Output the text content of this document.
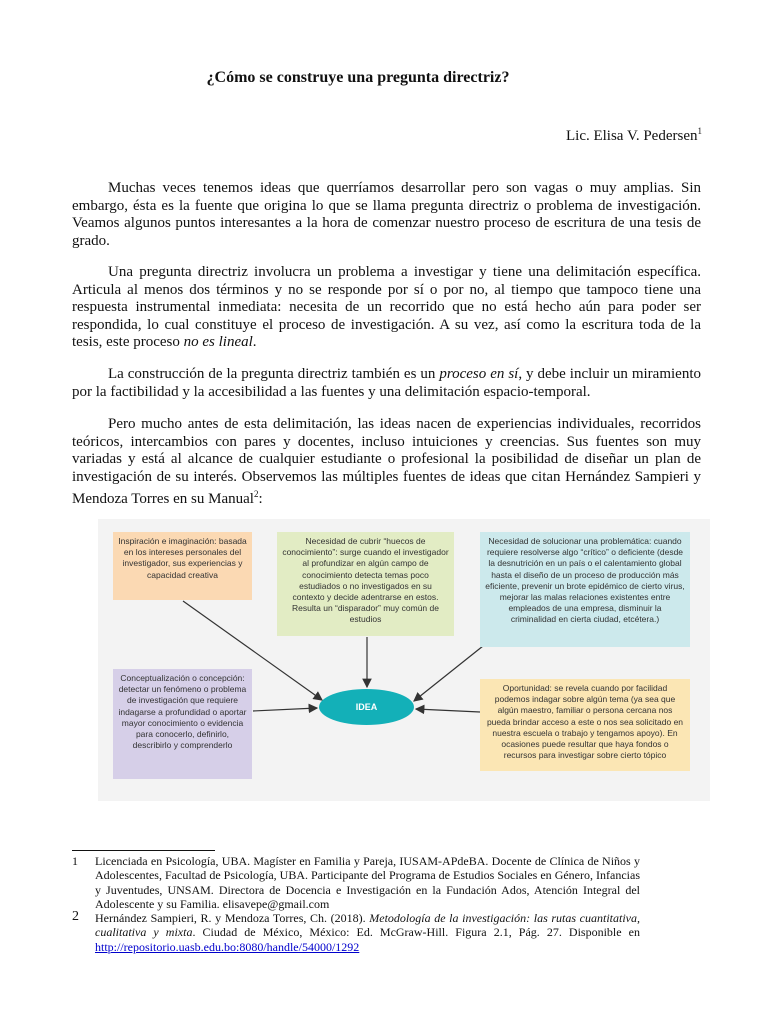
¿Cómo se construye una pregunta directriz?
Lic. Elisa V. Pedersen$^1$
Muchas veces tenemos ideas que querríamos desarrollar pero son vagas o muy amplias. Sin embargo, ésta es la fuente que origina lo que se llama pregunta directriz o problema de investigación. Veamos algunos puntos interesantes a la hora de comenzar nuestro proceso de escritura de una tesis de grado.
Una pregunta directriz involucra un problema a investigar y tiene una delimitación específica. Articula al menos dos términos y no se responde por sí o por no, al tiempo que tampoco tiene una respuesta instrumental inmediata: necesita de un recorrido que no está hecho aún para poder ser respondida, lo cual constituye el proceso de investigación. A su vez, así como la escritura toda de la tesis, este proceso no es lineal.
La construcción de la pregunta directriz también es un proceso en sí, y debe incluir un miramiento por la factibilidad y la accesibilidad a las fuentes y una delimitación espacio-temporal.
Pero mucho antes de esta delimitación, las ideas nacen de experiencias individuales, recorridos teóricos, intercambios con pares y docentes, incluso intuiciones y creencias. Sus fuentes son muy variadas y está al alcance de cualquier estudiante o profesional la posibilidad de diseñar un plan de investigación de su interés. Observemos las múltiples fuentes de ideas que citan Hernández Sampieri y Mendoza Torres en su Manual$^2$:
Inspiración e imaginación: basada en los intereses personales del investigador, sus experiencias y capacidad creativa
Necesidad de cubrir “huecos de conocimiento”: surge cuando el investigador al profundizar en algún campo de conocimiento detecta temas poco estudiados o no investigados en su contexto y decide adentrarse en estos. Resulta un “disparador” muy común de estudios
Necesidad de solucionar una problemática: cuando requiere resolverse algo “crítico” o deficiente (desde la desnutrición en un país o el calentamiento global hasta el diseño de un proceso de producción más eficiente, prevenir un brote epidémico de cierto virus, mejorar las malas relaciones existentes entre empleados de una empresa, disminuir la criminalidad en cierta ciudad, etcétera.)
Conceptualización o concepción: detectar un fenómeno o problema de investigación que requiere indagarse a profundidad o aportar mayor conocimiento o evidencia para conocerlo, definirlo, describirlo y comprenderlo
Oportunidad: se revela cuando por facilidad podemos indagar sobre algún tema (ya sea que algún maestro, familiar o persona cercana nos pueda brindar acceso a este o nos sea solicitado en nuestra escuela o trabajo y tengamos apoyo). En ocasiones puede resultar que haya fondos o recursos para investigar sobre cierto tópico
IDEA
1 Licenciada en Psicología, UBA. Magíster en Familia y Pareja, IUSAM-APdeBA. Docente de Clínica de Niños y Adolescentes, Facultad de Psicología, UBA. Participante del Programa de Estudios Sociales en Género, Infancias y Juventudes, UNSAM. Directora de Docencia e Investigación en la Fundación Ados, Atención Integral del Adolescente y su Familia. elisavepe@gmail.com
2 Hernández Sampieri, R. y Mendoza Torres, Ch. (2018). Metodología de la investigación: las rutas cuantitativa, cualitativa y mixta. Ciudad de México, México: Ed. McGraw-Hill. Figura 2.1, Pág. 27. Disponible en http://repositorio.uasb.edu.bo:8080/handle/54000/1292
